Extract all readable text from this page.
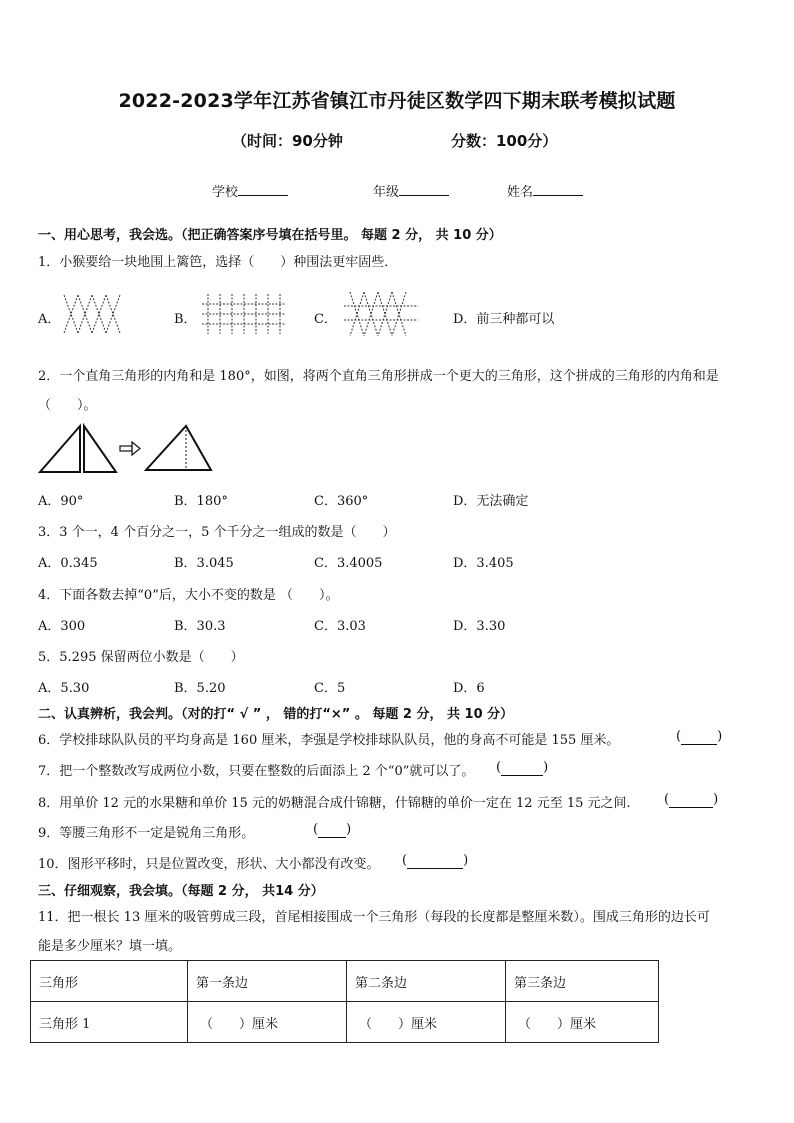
2022-2023学年江苏省镇江市丹徒区数学四下期末联考模拟试题
（时间：90分钟	分数：100分）
学校	年级	姓名
一、用心思考，我会选。（把正确答案序号填在括号里。 每题 2 分， 共 10 分）
1．小猴要给一块地围上篱笆，选择（　　）种围法更牢固些．
A．	B．	C．	D．前三种都可以
2．一个直角三角形的内角和是 180°，如图，将两个直角三角形拼成一个更大的三角形，这个拼成的三角形的内角和是
（　　）。
A．90°	B．180°	C．360°	D．无法确定
3．3 个一，4 个百分之一，5 个千分之一组成的数是（　　）
A．0.345	B．3.045	C．3.4005	D．3.405
4．下面各数去掉“0”后，大小不变的数是 （　　）。
A．300	B．30.3	C．3.03	D．3.30
5．5.295 保留两位小数是（　　）
A．5.30	B．5.20	C．5	D．6
二、认真辨析，我会判。（对的打“ √ ” ， 错的打“×” 。 每题 2 分， 共 10 分）
6．学校排球队队员的平均身高是 160 厘米，李强是学校排球队队员，他的身高不可能是 155 厘米。	(	)
7．把一个整数改写成两位小数，只要在整数的后面添上 2 个“0”就可以了。 (	)
8．用单价 12 元的水果糖和单价 15 元的奶糖混合成什锦糖，什锦糖的单价一定在 12 元至 15 元之间.	(	)
9．等腰三角形不一定是锐角三角形。	( )
10．图形平移时，只是位置改变，形状、大小都没有改变。 (	)
三、仔细观察，我会填。（每题 2 分， 共14 分）
11．把一根长 13 厘米的吸管剪成三段，首尾相接围成一个三角形（每段的长度都是整厘米数）。围成三角形的边长可
能是多少厘米？填一填。
三角形	第一条边	第二条边	第三条边
三角形 1	（　　）厘米	（　　）厘米	（　　）厘米
